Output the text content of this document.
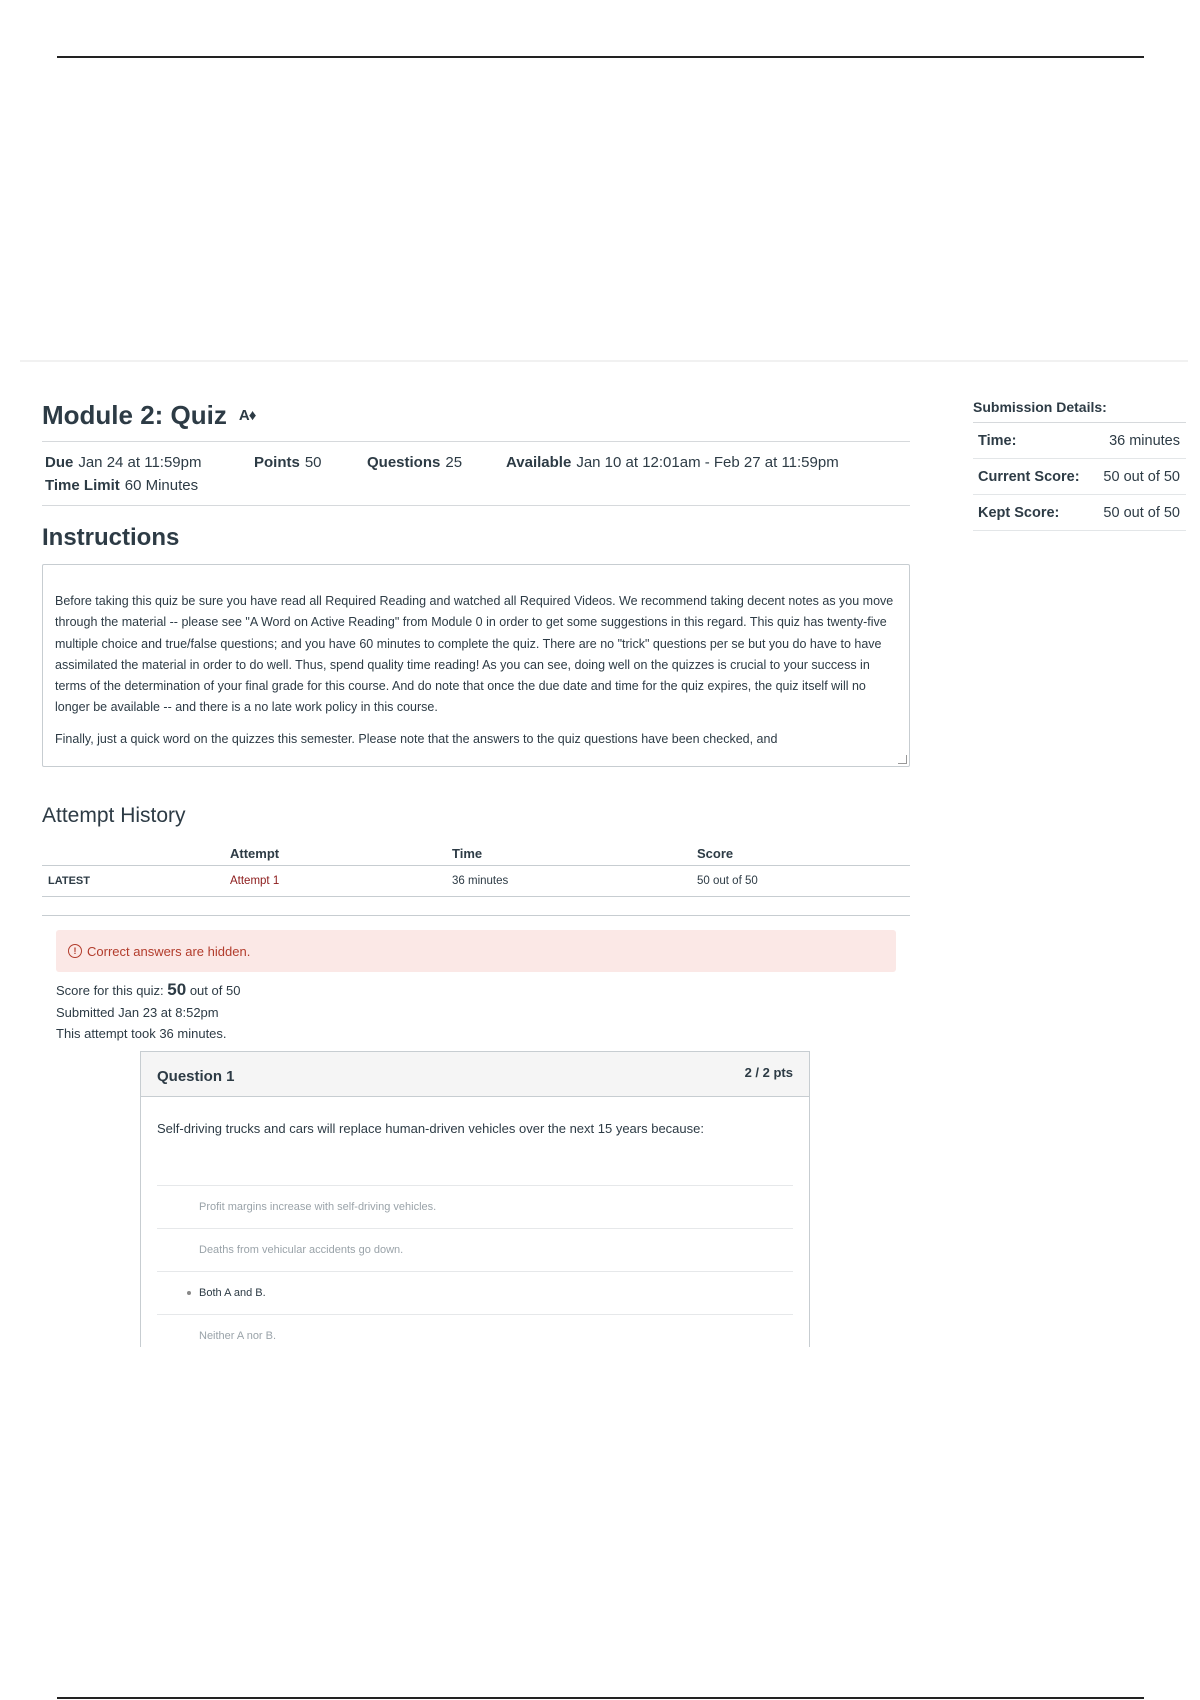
Module 2: Quiz A♦
Due Jan 24 at 11:59pm	Points 50	Questions 25	Available Jan 10 at 12:01am - Feb 27 at 11:59pm
Time Limit 60 Minutes
Instructions

Before taking this quiz be sure you have read all Required Reading and watched all Required Videos. We recommend taking decent notes as you move through the material -- please see "A Word on Active Reading" from Module 0 in order to get some suggestions in this regard. This quiz has twenty-five multiple choice and true/false questions; and you have 60 minutes to complete the quiz. There are no "trick" questions per se but you do have to have assimilated the material in order to do well. Thus, spend quality time reading! As you can see, doing well on the quizzes is crucial to your success in terms of the determination of your final grade for this course. And do note that once the due date and time for the quiz expires, the quiz itself will no longer be available -- and there is a no late work policy in this course.

Finally, just a quick word on the quizzes this semester. Please note that the answers to the quiz questions have been checked, and

Attempt History
	Attempt	Time	Score
LATEST	Attempt 1	36 minutes	50 out of 50
! Correct answers are hidden.
Score for this quiz: 50 out of 50
Submitted Jan 23 at 8:52pm
This attempt took 36 minutes.
Question 1	2 / 2 pts
Self-driving trucks and cars will replace human-driven vehicles over the next 15 years because:
Profit margins increase with self-driving vehicles.
Deaths from vehicular accidents go down.
Both A and B.
Neither A nor B.
Submission Details:
Time:	36 minutes
Current Score: 50 out of 50
Kept Score:	50 out of 50
